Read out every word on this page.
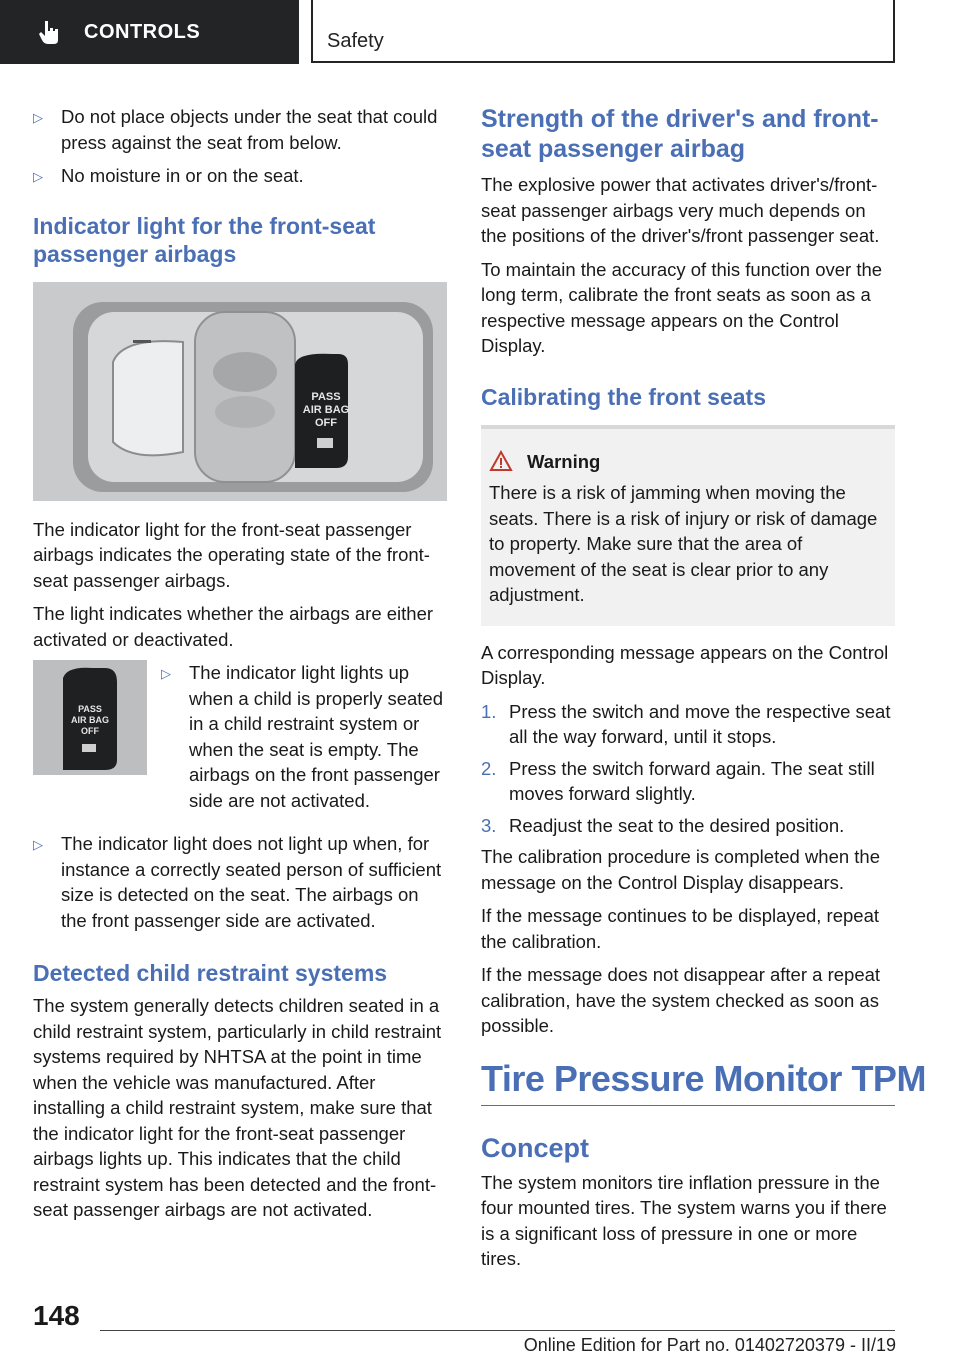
CONTROLS	Safety
▷ Do not place objects under the seat that could press against the seat from below.
▷ No moisture in or on the seat.
Indicator light for the front-seat passenger airbags
PASS
AIR BAG
OFF

The indicator light for the front-seat passenger airbags indicates the operating state of the front-seat passenger airbags.

The light indicates whether the airbags are either activated or deactivated.

PASS
AIR BAG
OFF
▷ The indicator light lights up when a child is properly seated in a child restraint system or when the seat is empty. The airbags on the front passenger side are not activated.
▷ The indicator light does not light up when, for instance a correctly seated person of sufficient size is detected on the seat. The airbags on the front passenger side are activated.
Detected child restraint systems

The system generally detects children seated in a child restraint system, particularly in child restraint systems required by NHTSA at the point in time when the vehicle was manufactured. After installing a child restraint system, make sure that the indicator light for the front-seat passenger airbags lights up. This indicates that the child restraint system has been detected and the front-seat passenger airbags are not activated.

Strength of the driver's and front-seat passenger airbag

The explosive power that activates driver's/front-seat passenger airbags very much depends on the positions of the driver's/front passenger seat.

To maintain the accuracy of this function over the long term, calibrate the front seats as soon as a respective message appears on the Control Display.

Calibrating the front seats
Warning
There is a risk of jamming when moving the seats. There is a risk of injury or risk of damage to property. Make sure that the area of movement of the seat is clear prior to any adjustment.

A corresponding message appears on the Control Display.

1. Press the switch and move the respective seat all the way forward, until it stops.
2. Press the switch forward again. The seat still moves forward slightly.
3. Readjust the seat to the desired position.

The calibration procedure is completed when the message on the Control Display disappears.

If the message continues to be displayed, repeat the calibration.

If the message does not disappear after a repeat calibration, have the system checked as soon as possible.

Tire Pressure Monitor TPM
Concept

The system monitors tire inflation pressure in the four mounted tires. The system warns you if there is a significant loss of pressure in one or more tires.

148
Online Edition for Part no. 01402720379 - II/19
